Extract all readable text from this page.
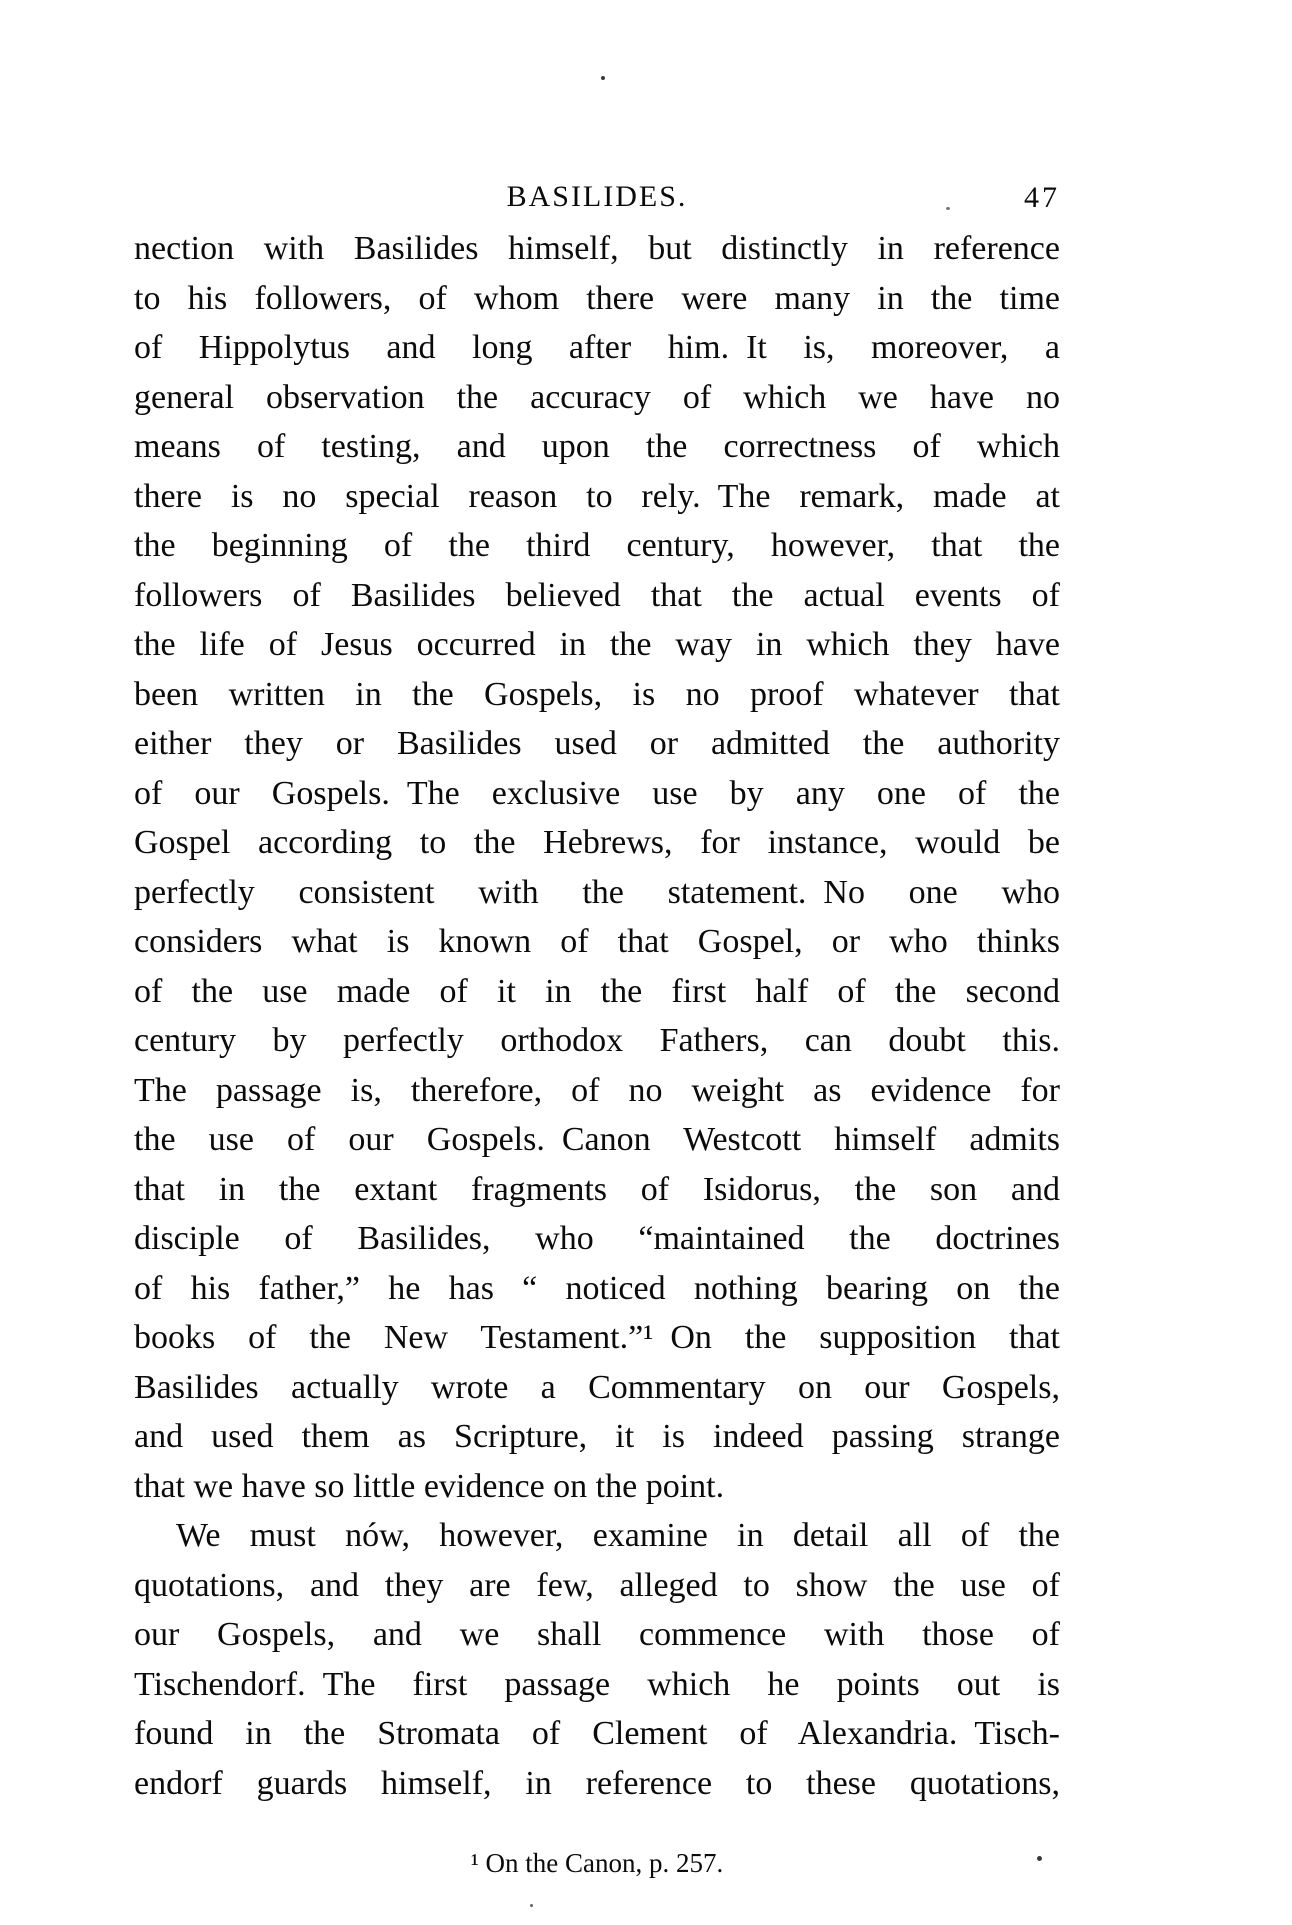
BASILIDES.	47
nection with Basilides himself, but distinctly in reference
to his followers, of whom there were many in the time
of Hippolytus and long after him. It is, moreover, a
general observation the accuracy of which we have no
means of testing, and upon the correctness of which
there is no special reason to rely. The remark, made at
the beginning of the third century, however, that the
followers of Basilides believed that the actual events of
the life of Jesus occurred in the way in which they have
been written in the Gospels, is no proof whatever that
either they or Basilides used or admitted the authority
of our Gospels. The exclusive use by any one of the
Gospel according to the Hebrews, for instance, would be
perfectly consistent with the statement. No one who
considers what is known of that Gospel, or who thinks
of the use made of it in the first half of the second
century by perfectly orthodox Fathers, can doubt this.
The passage is, therefore, of no weight as evidence for
the use of our Gospels. Canon Westcott himself admits
that in the extant fragments of Isidorus, the son and
disciple of Basilides, who “maintained the doctrines
of his father,” he has “ noticed nothing bearing on the
books of the New Testament.”¹ On the supposition that
Basilides actually wrote a Commentary on our Gospels,
and used them as Scripture, it is indeed passing strange
that we have so little evidence on the point.
We must nów, however, examine in detail all of the
quotations, and they are few, alleged to show the use of
our Gospels, and we shall commence with those of
Tischendorf. The first passage which he points out is
found in the Stromata of Clement of Alexandria. Tisch-
endorf guards himself, in reference to these quotations,
¹ On the Canon, p. 257.
